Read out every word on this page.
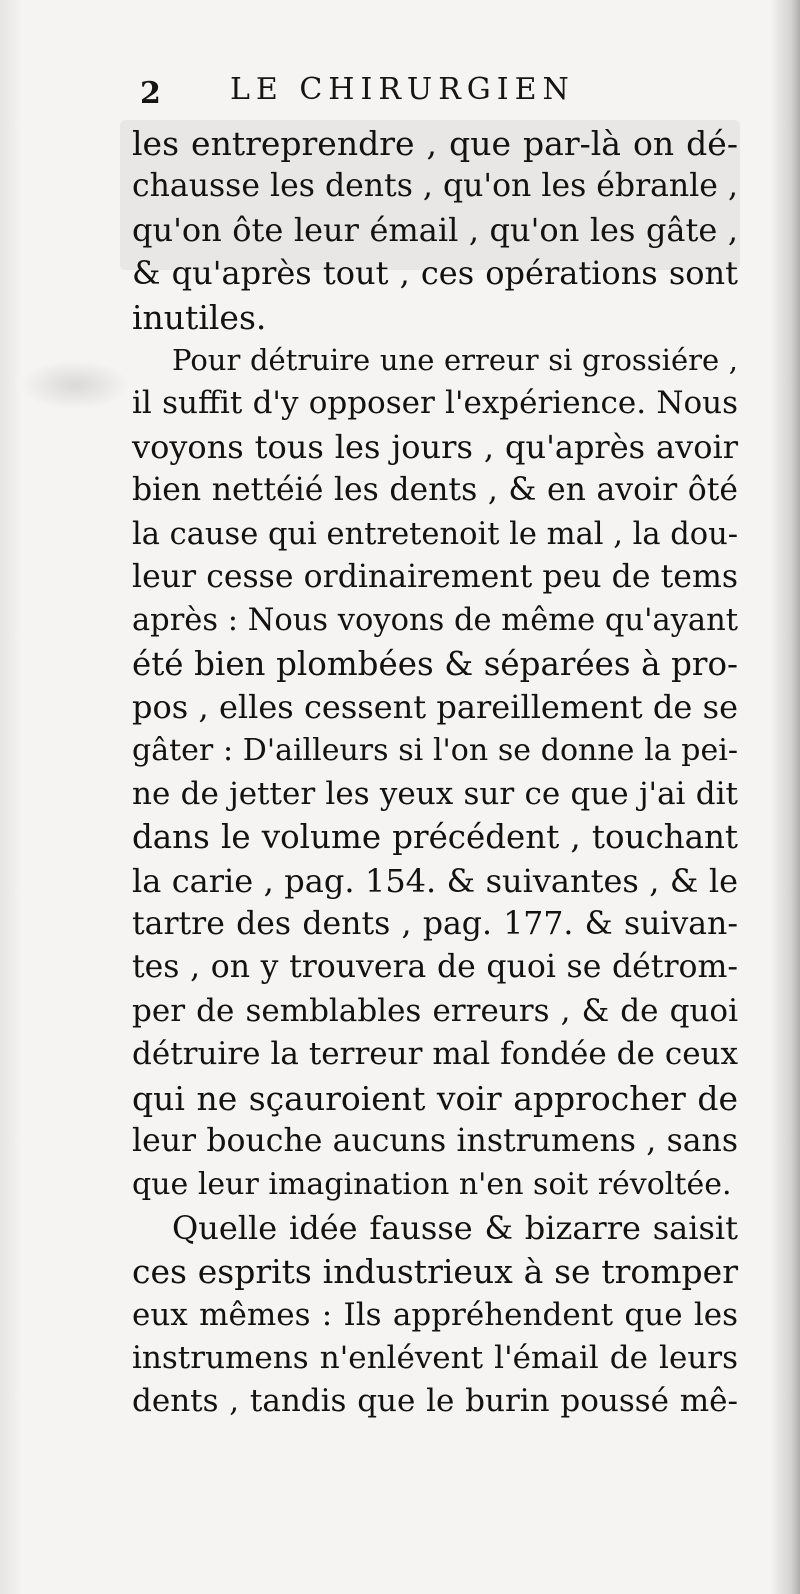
2 LE CHIRURGIEN
les entreprendre , que par-là on dé-
chausse les dents , qu'on les ébranle ,
qu'on ôte leur émail , qu'on les gâte ,
& qu'après tout , ces opérations sont
inutiles.
Pour détruire une erreur si grossiére ,
il suffit d'y opposer l'expérience. Nous
voyons tous les jours , qu'après avoir
bien nettéié les dents , & en avoir ôté
la cause qui entretenoit le mal , la dou-
leur cesse ordinairement peu de tems
après : Nous voyons de même qu'ayant
été bien plombées & séparées à pro-
pos , elles cessent pareillement de se
gâter : D'ailleurs si l'on se donne la pei-
ne de jetter les yeux sur ce que j'ai dit
dans le volume précédent , touchant
la carie , pag. 154. & suivantes , & le
tartre des dents , pag. 177. & suivan-
tes , on y trouvera de quoi se détrom-
per de semblables erreurs , & de quoi
détruire la terreur mal fondée de ceux
qui ne sçauroient voir approcher de
leur bouche aucuns instrumens , sans
que leur imagination n'en soit révoltée.
Quelle idée fausse & bizarre saisit
ces esprits industrieux à se tromper
eux mêmes : Ils appréhendent que les
instrumens n'enlévent l'émail de leurs
dents , tandis que le burin poussé mê-
